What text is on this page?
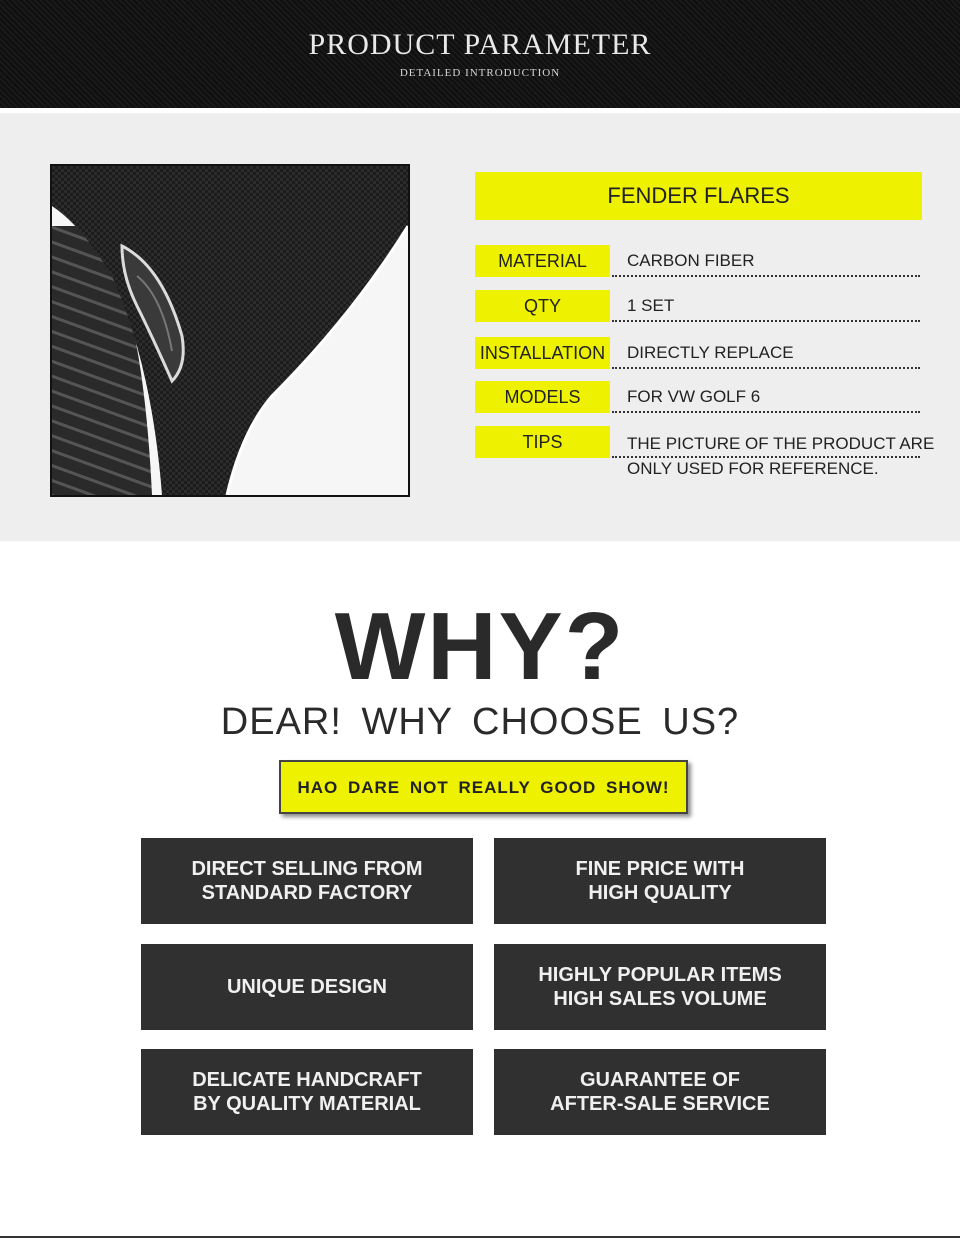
PRODUCT PARAMETER
DETAILED INTRODUCTION
FENDER FLARES
MATERIAL	CARBON FIBER
QTY	1 SET
INSTALLATION DIRECTLY REPLACE
MODELS	FOR VW GOLF 6
TIPS	THE PICTURE OF THE PRODUCT ARE
ONLY USED FOR REFERENCE.
WHY?
DEAR! WHY CHOOSE US?
HAO DARE NOT REALLY GOOD SHOW!
DIRECT SELLING FROM
STANDARD FACTORY
FINE PRICE WITH
HIGH QUALITY
UNIQUE DESIGN
HIGHLY POPULAR ITEMS
HIGH SALES VOLUME
DELICATE HANDCRAFT
BY QUALITY MATERIAL
GUARANTEE OF
AFTER-SALE SERVICE
